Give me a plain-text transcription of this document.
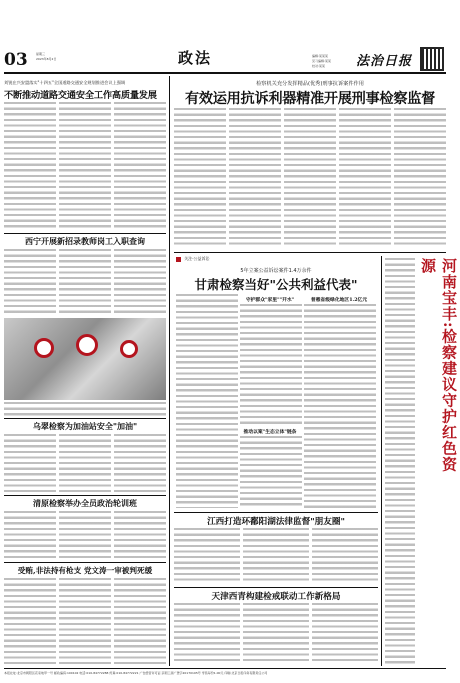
03	星期三
2023年8月2日	政法	编辑:某某某
见习编辑:某某
校对:某某	法治日报
刘锐在兴安盟落实"十四五"全国道路交通安全规划推进会议上强调
不断推动道路交通安全工作高质量发展
西宁开展新招录教师岗工入职查询
乌翠检察为加油站安全"加油"
清原检察举办全员政治轮训班
受贿,非法持有枪支 党文涛一审被判死缓
检察机关充分发挥精品(优秀)刑事抗诉案件作用
有效运用抗诉利器精准开展刑事检察监督
关注·公益诉讼
5年立案公益诉讼案件1.4万余件
甘肃检察当好"公共利益代表"
守护群众"家里""开水"
推动以案"生态立体"链条
普惠省级绿化地区1.2亿元
江西打造环鄱阳湖法律监督"朋友圈"
天津西青构建检戒联动工作新格局
河南宝丰:检察建议守护红色资源
本报社址:北京市朝阳区花家地甲一号 邮政编码:100102 电话:010-84772288 传真:010-84772221 广告经营许可证:京朝工商广登字20170195号 零售每份1.00元 印刷:北京日报印务有限责任公司
